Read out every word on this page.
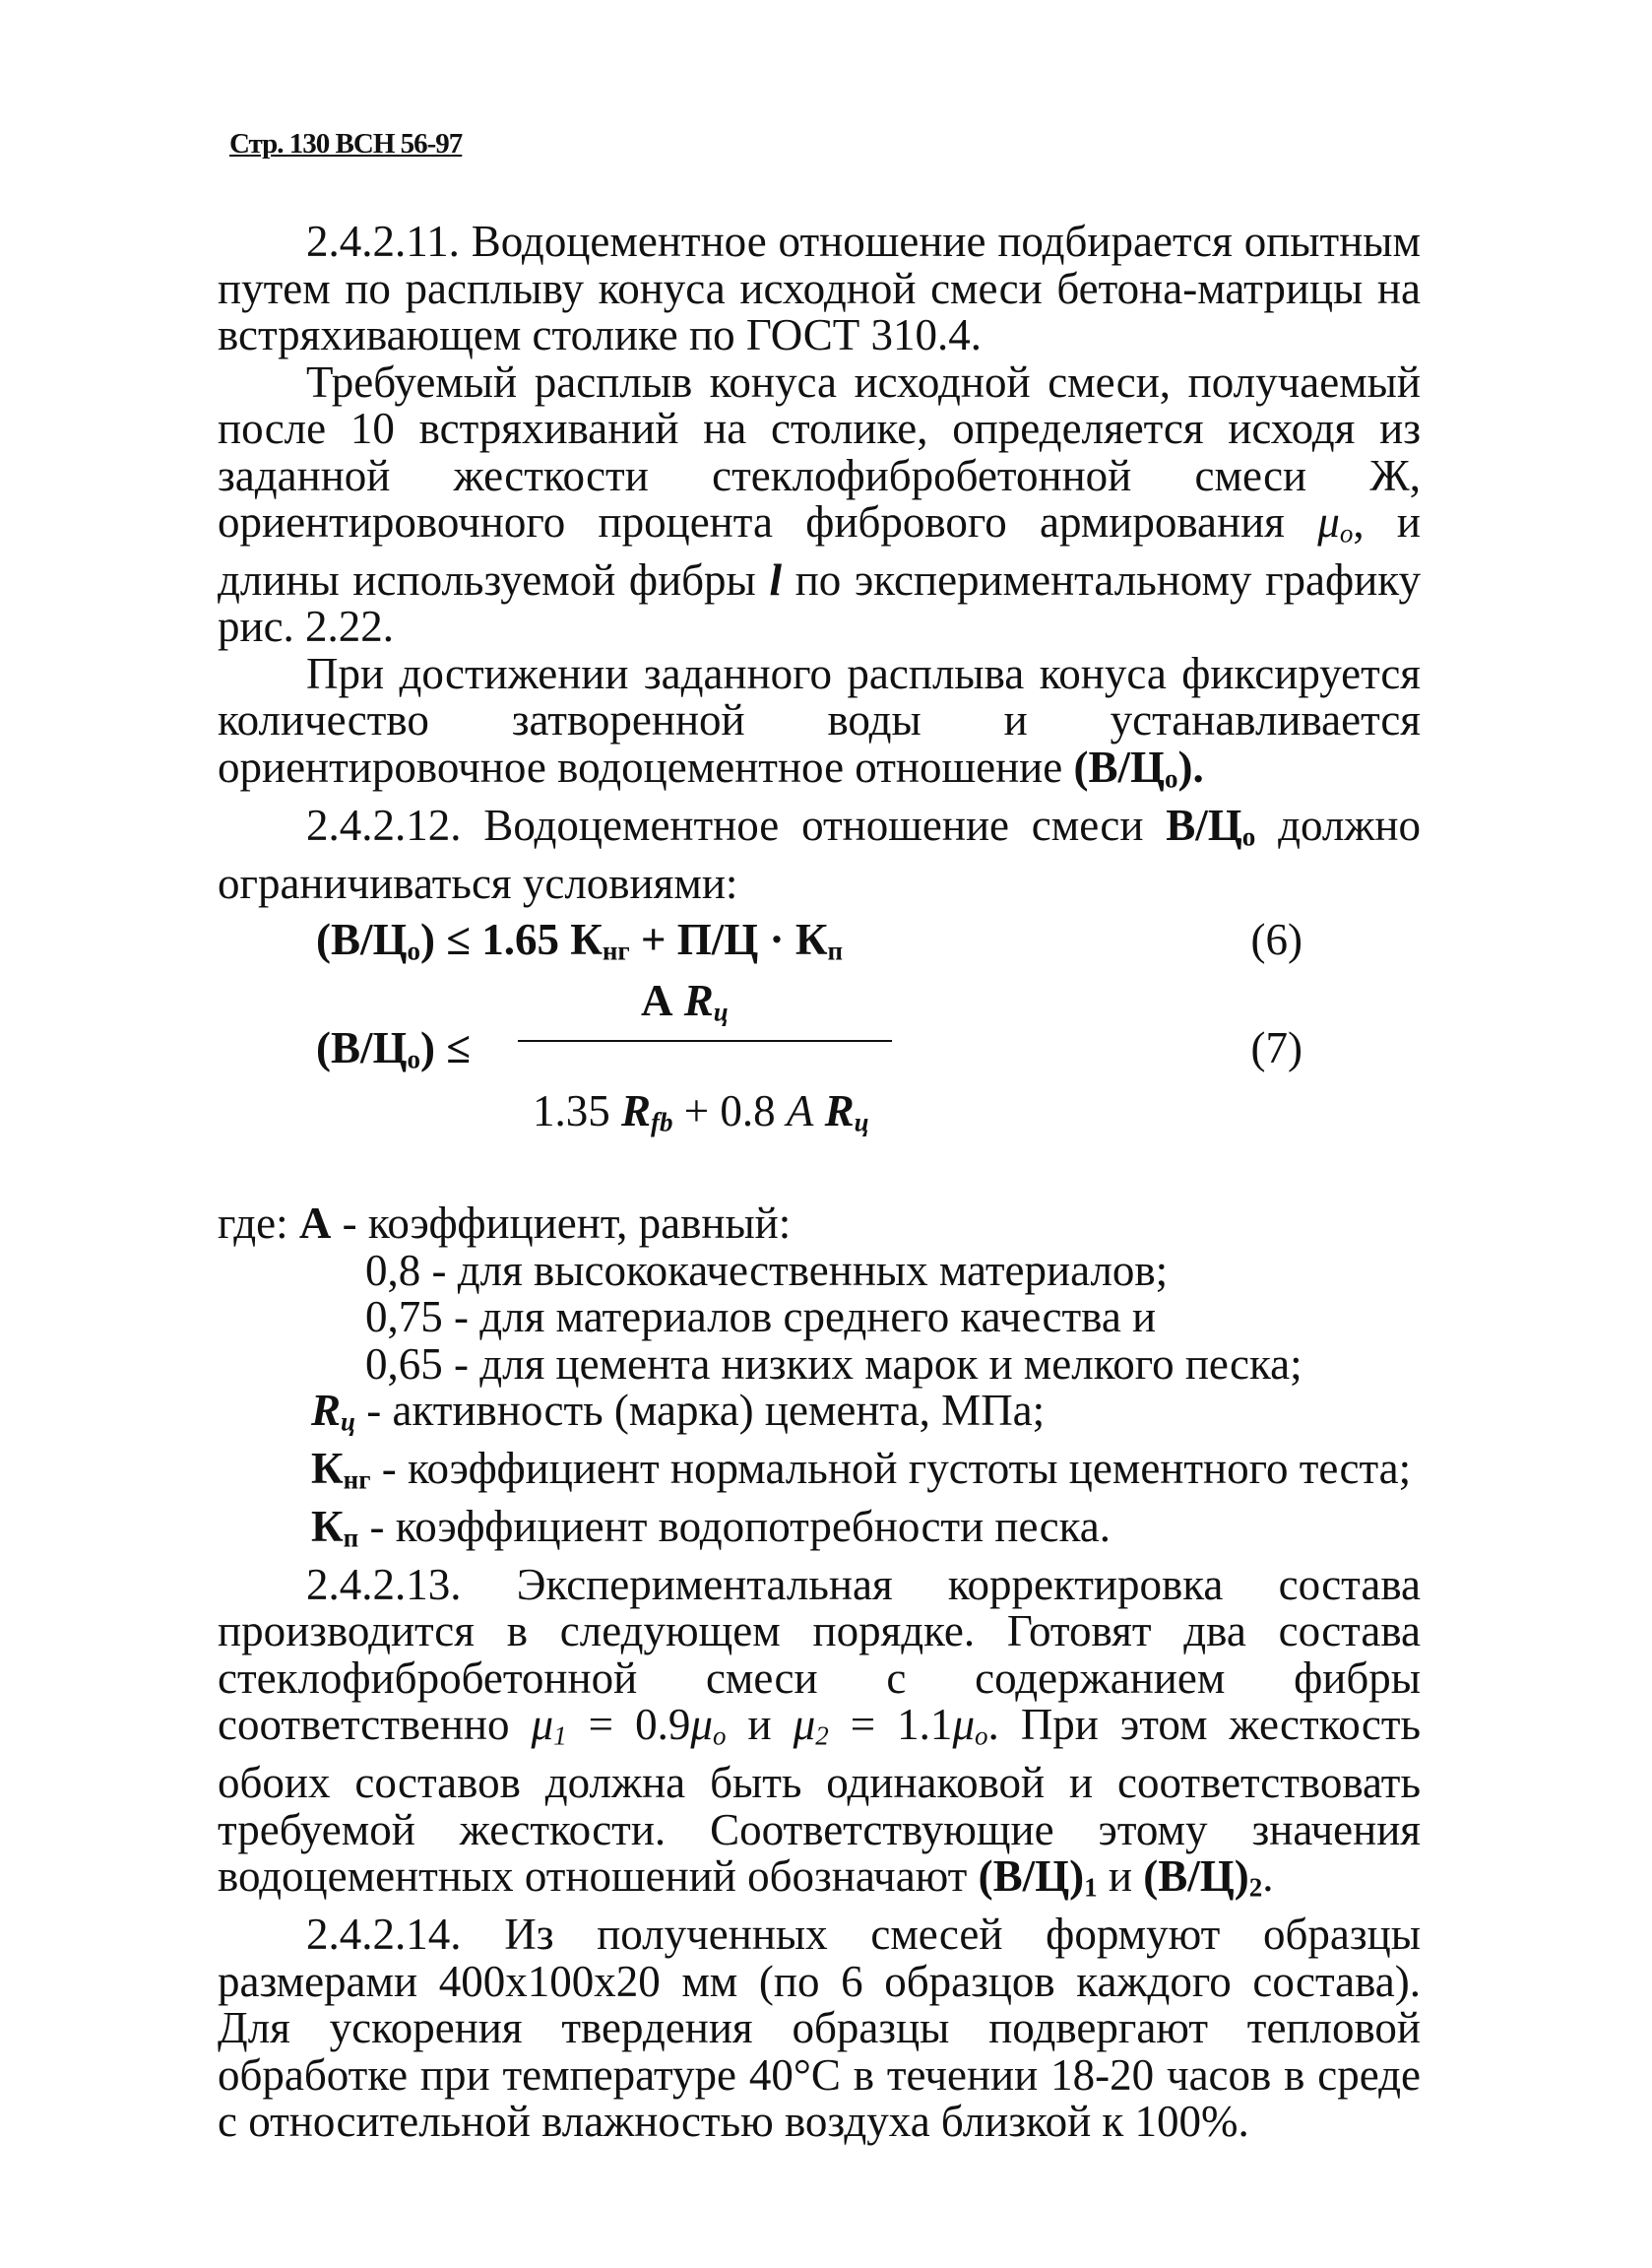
Стр. 130 ВСН 56-97

2.4.2.11. Водоцементное отношение подбирается опытным путем по расплыву конуса исходной смеси бетона-матрицы на встряхивающем столике по ГОСТ 310.4.

Требуемый расплыв конуса исходной смеси, получаемый после 10 встряхиваний на столике, определяется исходя из заданной жесткости стеклофибробетонной смеси Ж, ориентировочного процента фибрового армирования $\mu_o$, и длины используемой фибры l по экспериментальному графику рис. 2.22.

При достижении заданного расплыва конуса фиксируется количество затворенной воды и устанавливается ориентировочное водоцементное отношение $(В/Ц_о)$.

2.4.2.12. Водоцементное отношение смеси $В/Ц_о$ должно ограничиваться условиями:

$(В/Ц_о) \le 1.65$ $К_{нг} + П/Ц \cdot К_п$	(6)
$(В/Ц_о)$ ≤
А $R_ц$
1.35 $R_{fb} + 0.8$ A $R_ц$
(7)

где: А - коэффициент, равный:

0,8 - для высококачественных материалов;

0,75 - для материалов среднего качества и

0,65 - для цемента низких марок и мелкого песка;

$R_ц$ - активность (марка) цемента, МПа;

$К_{нг}$ - коэффициент нормальной густоты цементного теста;

$К_п$ - коэффициент водопотребности песка.

2.4.2.13. Экспериментальная корректировка состава производится в следующем порядке. Готовят два состава стеклофибробетонной смеси с содержанием фибры соответственно $\mu_1 = 0.9\mu_o$ и $\mu_2 = 1.1\mu_o$. При этом жесткость обоих составов должна быть одинаковой и соответствовать требуемой жесткости. Соответствующие этому значения водоцементных отношений обозначают $(В/Ц)_1$ и $(В/Ц)_2$.

2.4.2.14. Из полученных смесей формуют образцы размерами 400х100х20 мм (по 6 образцов каждого состава). Для ускорения твердения образцы подвергают тепловой обработке при температуре 40°С в течении 18-20 часов в среде с относительной влажностью воздуха близкой к 100%.
